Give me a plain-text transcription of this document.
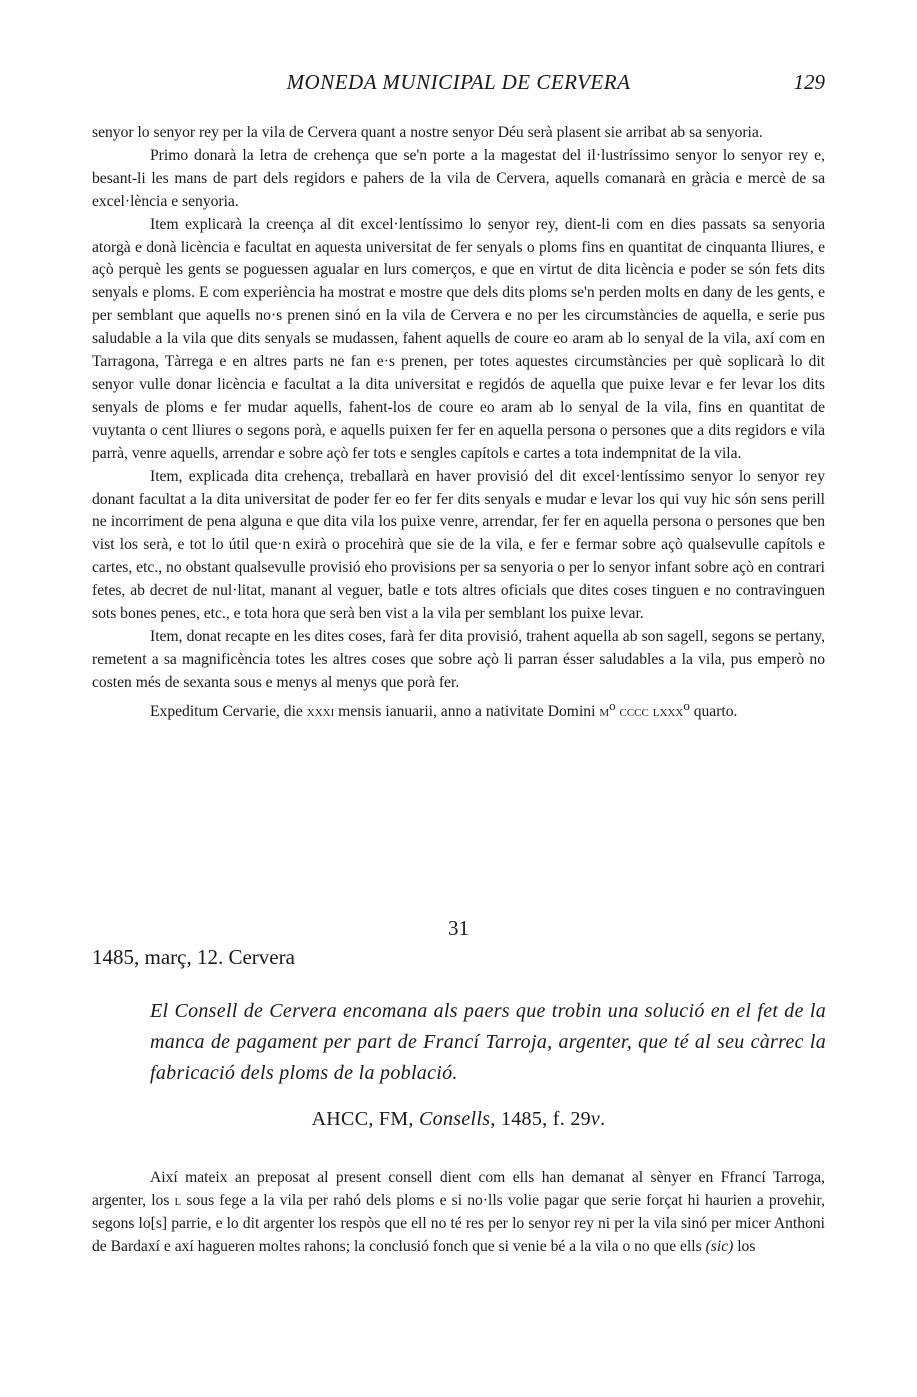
MONEDA MUNICIPAL DE CERVERA	129

senyor lo senyor rey per la vila de Cervera quant a nostre senyor Déu serà plasent sie arribat ab sa senyoria.

Primo donarà la letra de crehença que se'n porte a la magestat del il·lustríssimo senyor lo senyor rey e, besant-li les mans de part dels regidors e pahers de la vila de Cervera, aquells comanarà en gràcia e mercè de sa excel·lència e senyoria.

Item explicarà la creença al dit excel·lentíssimo lo senyor rey, dient-li com en dies passats sa senyoria atorgà e donà licència e facultat en aquesta universitat de fer senyals o ploms fins en quantitat de cinquanta lliures, e açò perquè les gents se poguessen agualar en lurs comerços, e que en virtut de dita licència e poder se són fets dits senyals e ploms. E com experiència ha mostrat e mostre que dels dits ploms se'n perden molts en dany de les gents, e per semblant que aquells no·s prenen sinó en la vila de Cervera e no per les circumstàncies de aquella, e serie pus saludable a la vila que dits senyals se mudassen, fahent aquells de coure eo aram ab lo senyal de la vila, axí com en Tarragona, Tàrrega e en altres parts ne fan e·s prenen, per totes aquestes circumstàncies per què soplicarà lo dit senyor vulle donar licència e facultat a la dita universitat e regidós de aquella que puixe levar e fer levar los dits senyals de ploms e fer mudar aquells, fahent-los de coure eo aram ab lo senyal de la vila, fins en quantitat de vuytanta o cent lliures o segons porà, e aquells puixen fer fer en aquella persona o persones que a dits regidors e vila parrà, venre aquells, arrendar e sobre açò fer tots e sengles capítols e cartes a tota indempnitat de la vila.

Item, explicada dita crehença, treballarà en haver provisió del dit excel·lentíssimo senyor lo senyor rey donant facultat a la dita universitat de poder fer eo fer fer dits senyals e mudar e levar los qui vuy hic són sens perill ne incorriment de pena alguna e que dita vila los puixe venre, arrendar, fer fer en aquella persona o persones que ben vist los serà, e tot lo útil que·n exirà o procehirà que sie de la vila, e fer e fermar sobre açò qualsevulle capítols e cartes, etc., no obstant qualsevulle provisió eho provisions per sa senyoria o per lo senyor infant sobre açò en contrari fetes, ab decret de nul·litat, manant al veguer, batle e tots altres oficials que dites coses tinguen e no contravinguen sots bones penes, etc., e tota hora que serà ben vist a la vila per semblant los puixe levar.

Item, donat recapte en les dites coses, farà fer dita provisió, trahent aquella ab son sagell, segons se pertany, remetent a sa magnificència totes les altres coses que sobre açò li parran ésser saludables a la vila, pus emperò no costen més de sexanta sous e menys al menys que porà fer.

Expeditum Cervarie, die xxxi mensis ianuarii, anno a nativitate Domini $m^o$ cccc lxxx$^o$ quarto.

31
1485, març, 12. Cervera
El Consell de Cervera encomana als paers que trobin una solució en el fet de la manca de pagament per part de Francí Tarroja, argenter, que té al seu càrrec la fabricació dels ploms de la població.
AHCC, FM, Consells, 1485, f. 29v.

Així mateix an preposat al present consell dient com ells han demanat al sènyer en Ffrancí Tarroga, argenter, los l sous fege a la vila per rahó dels ploms e si no·lls volie pagar que serie forçat hi haurien a provehir, segons lo[s] parrie, e lo dit argenter los respòs que ell no té res per lo senyor rey ni per la vila sinó per micer Anthoni de Bardaxí e axí hagueren moltes rahons; la conclusió fonch que si venie bé a la vila o no que ells (sic) los
